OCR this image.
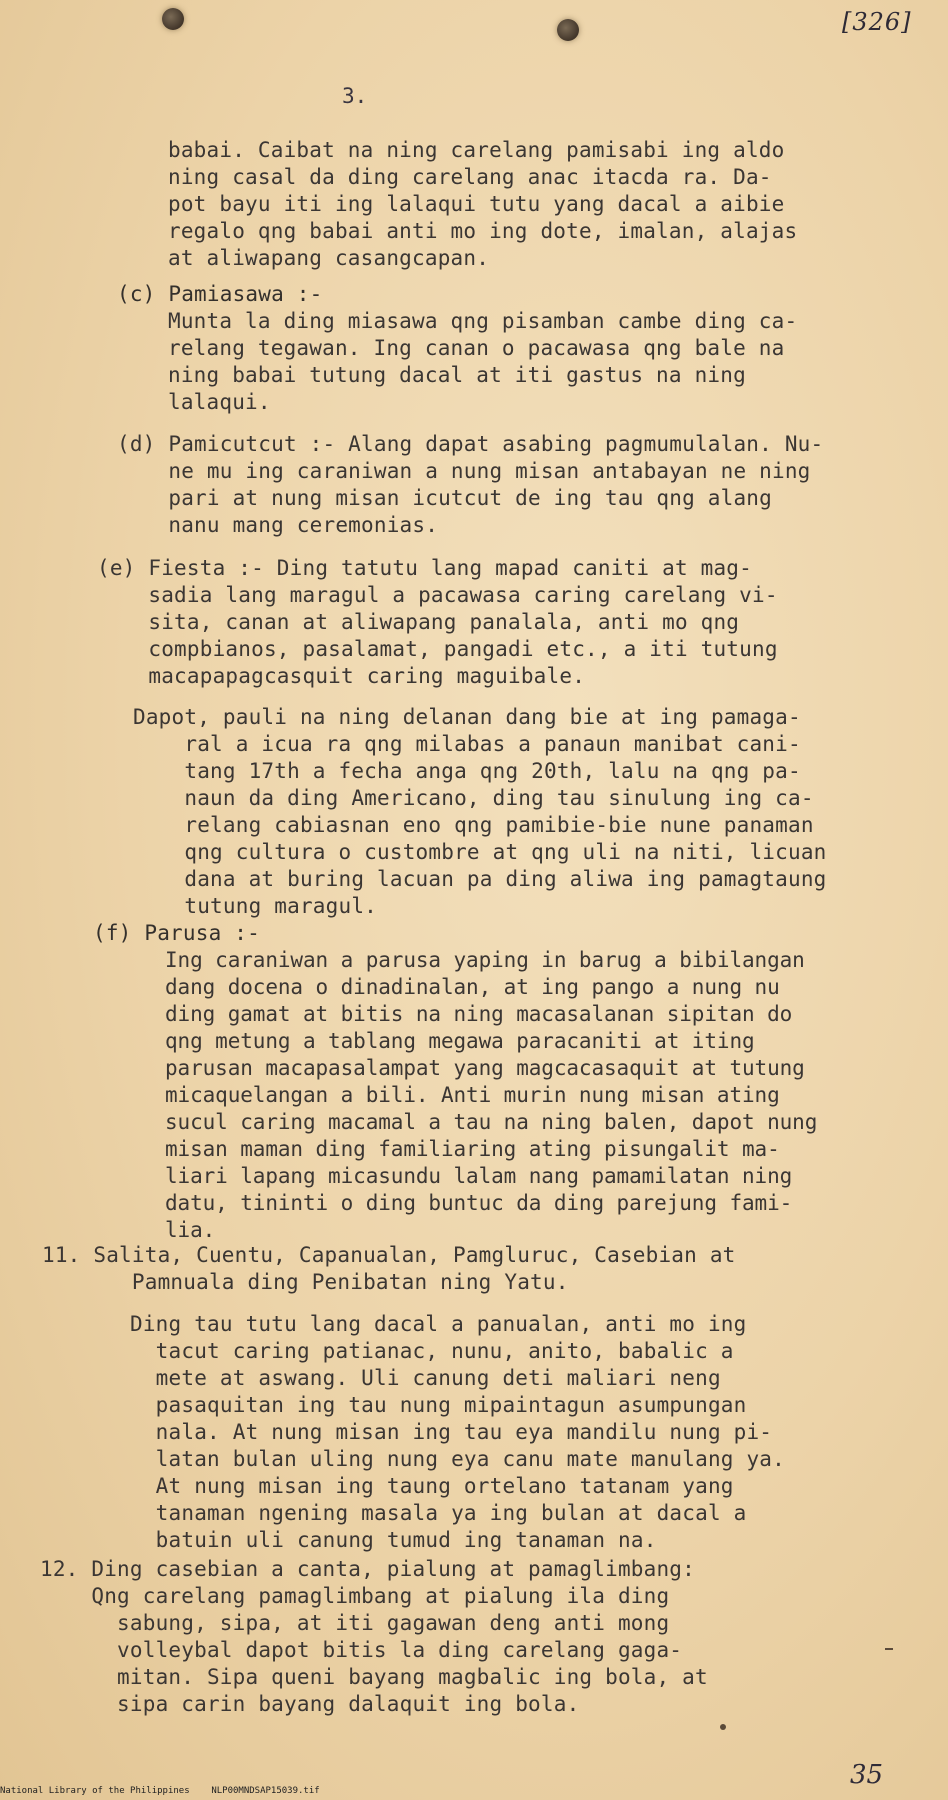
[326]
3.
babai. Caibat na ning carelang pamisabi ing aldo
ning casal da ding carelang anac itacda ra. Da-
pot bayu iti ing lalaqui tutu yang dacal a aibie
regalo qng babai anti mo ing dote, imalan, alajas
at aliwapang casangcapan.
(c) Pamiasawa :-
Munta la ding miasawa qng pisamban cambe ding ca-
relang tegawan. Ing canan o pacawasa qng bale na
ning babai tutung dacal at iti gastus na ning
lalaqui.
(d) Pamicutcut :- Alang dapat asabing pagmumulalan. Nu-
ne mu ing caraniwan a nung misan antabayan ne ning
pari at nung misan icutcut de ing tau qng alang
nanu mang ceremonias.
(e) Fiesta :- Ding tatutu lang mapad caniti at mag-
sadia lang maragul a pacawasa caring carelang vi-
sita, canan at aliwapang panalala, anti mo qng
compbianos, pasalamat, pangadi etc., a iti tutung
macapapagcasquit caring maguibale.
Dapot, pauli na ning delanan dang bie at ing pamaga-
ral a icua ra qng milabas a panaun manibat cani-
tang 17th a fecha anga qng 20th, lalu na qng pa-
naun da ding Americano, ding tau sinulung ing ca-
relang cabiasnan eno qng pamibie-bie nune panaman
qng cultura o custombre at qng uli na niti, licuan
dana at buring lacuan pa ding aliwa ing pamagtaung
tutung maragul.
(f) Parusa :-
Ing caraniwan a parusa yaping in barug a bibilangan
dang docena o dinadinalan, at ing pango a nung nu
ding gamat at bitis na ning macasalanan sipitan do
qng metung a tablang megawa paracaniti at iting
parusan macapasalampat yang magcacasaquit at tutung
micaquelangan a bili. Anti murin nung misan ating
sucul caring macamal a tau na ning balen, dapot nung
misan maman ding familiaring ating pisungalit ma-
liari lapang micasundu lalam nang pamamilatan ning
datu, tininti o ding buntuc da ding parejung fami-
lia.
11. Salita, Cuentu, Capanualan, Pamgluruc, Casebian at
Pamnuala ding Penibatan ning Yatu.
Ding tau tutu lang dacal a panualan, anti mo ing
tacut caring patianac, nunu, anito, babalic a
mete at aswang. Uli canung deti maliari neng
pasaquitan ing tau nung mipaintagun asumpungan
nala. At nung misan ing tau eya mandilu nung pi-
latan bulan uling nung eya canu mate manulang ya.
At nung misan ing taung ortelano tatanam yang
tanaman ngening masala ya ing bulan at dacal a
batuin uli canung tumud ing tanaman na.
12. Ding casebian a canta, pialung at pamaglimbang:
Qng carelang pamaglimbang at pialung ila ding
sabung, sipa, at iti gagawan deng anti mong
volleybal dapot bitis la ding carelang gaga-
mitan. Sipa queni bayang magbalic ing bola, at
sipa carin bayang dalaquit ing bola.
35
National Library of the Philippines    NLP00MNDSAP15039.tif
